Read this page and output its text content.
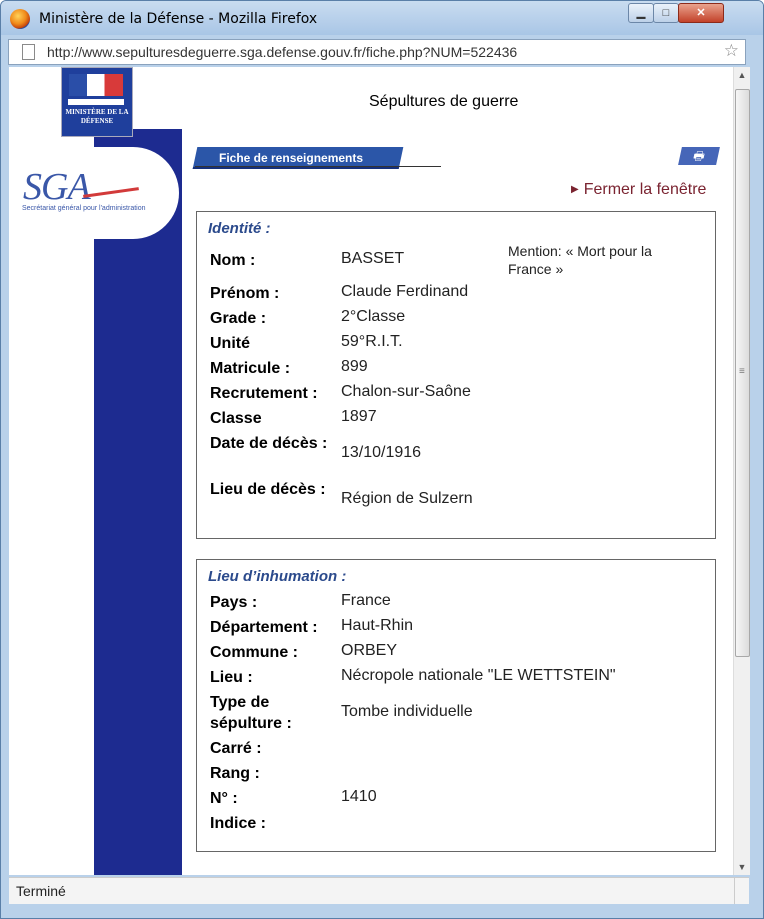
Ministère de la Défense - Mozilla Firefox	▁	□	✕
http://www.sepulturesdeguerre.sga.defense.gouv.fr/fiche.php?NUM=522436	☆
MINISTÈRE DE LA DÉFENSE
SGA
Secrétariat général pour l'administration
Sépultures de guerre
Fiche de renseignements	🖶
▶ Fermer la fenêtre
Identité :
Mention: « Mort pour la France »
Nom :	BASSET
Prénom :	Claude Ferdinand
Grade :	2°Classe
Unité	59°R.I.T.
Matricule :	899
Recrutement :	Chalon-sur-Saône
Classe	1897
Date de décès :
13/10/1916
Lieu de décès :
Région de Sulzern
Lieu d’inhumation :
Pays :	France
Département :	Haut-Rhin
Commune :	ORBEY
Lieu :	Nécropole nationale "LE WETTSTEIN"
Type de sépulture :
Tombe individuelle
Carré :
Rang :
N° :	1410
Indice :
▲
≡
▼
Terminé
